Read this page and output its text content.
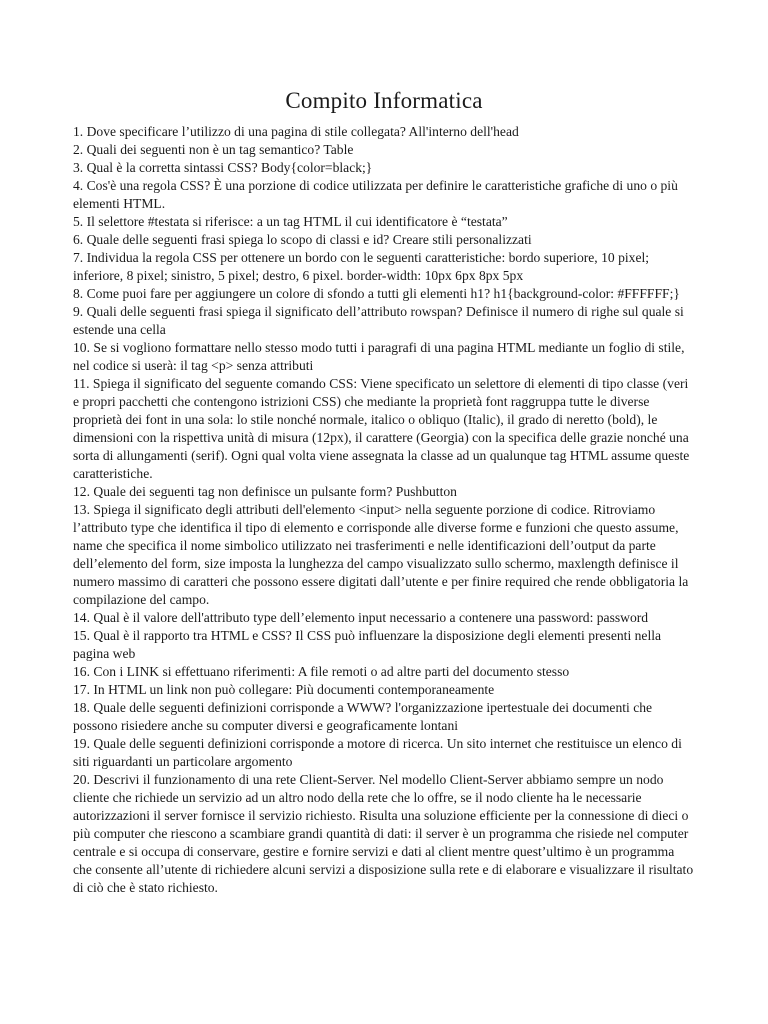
Compito Informatica
1. Dove specificare l’utilizzo di una pagina di stile collegata? All'interno dell'head
2. Quali dei seguenti non è un tag semantico? Table
3. Qual è la corretta sintassi CSS? Body{color=black;}
4. Cos'è una regola CSS? È una porzione di codice utilizzata per definire le caratteristiche grafiche di uno o più elementi HTML.
5. Il selettore #testata si riferisce: a un tag HTML il cui identificatore è “testata”
6. Quale delle seguenti frasi spiega lo scopo di classi e id? Creare stili personalizzati
7. Individua la regola CSS per ottenere un bordo con le seguenti caratteristiche: bordo superiore, 10 pixel; inferiore, 8 pixel; sinistro, 5 pixel; destro, 6 pixel. border-width: 10px 6px 8px 5px
8. Come puoi fare per aggiungere un colore di sfondo a tutti gli elementi h1? h1{background-color: #FFFFFF;}
9. Quali delle seguenti frasi spiega il significato dell’attributo rowspan? Definisce il numero di righe sul quale si estende una cella
10. Se si vogliono formattare nello stesso modo tutti i paragrafi di una pagina HTML mediante un foglio di stile, nel codice si userà: il tag <p> senza attributi
11. Spiega il significato del seguente comando CSS: Viene specificato un selettore di elementi di tipo classe (veri e propri pacchetti che contengono istrizioni CSS) che mediante la proprietà font raggruppa tutte le diverse proprietà dei font in una sola: lo stile nonché normale, italico o obliquo (Italic), il grado di neretto (bold), le dimensioni con la rispettiva unità di misura (12px), il carattere (Georgia) con la specifica delle grazie nonché una sorta di allungamenti (serif). Ogni qual volta viene assegnata la classe ad un qualunque tag HTML assume queste caratteristiche.
12. Quale dei seguenti tag non definisce un pulsante form? Pushbutton
13. Spiega il significato degli attributi dell'elemento <input> nella seguente porzione di codice. Ritroviamo l’attributo type che identifica il tipo di elemento e corrisponde alle diverse forme e funzioni che questo assume, name che specifica il nome simbolico utilizzato nei trasferimenti e nelle identificazioni dell’output da parte dell’elemento del form, size imposta la lunghezza del campo visualizzato sullo schermo, maxlength definisce il numero massimo di caratteri che possono essere digitati dall’utente e per finire required che rende obbligatoria la compilazione del campo.
14. Qual è il valore dell'attributo type dell’elemento input necessario a contenere una password: password
15. Qual è il rapporto tra HTML e CSS? Il CSS può influenzare la disposizione degli elementi presenti nella pagina web
16. Con i LINK si effettuano riferimenti: A file remoti o ad altre parti del documento stesso
17. In HTML un link non può collegare: Più documenti contemporaneamente
18. Quale delle seguenti definizioni corrisponde a WWW? l'organizzazione ipertestuale dei documenti che possono risiedere anche su computer diversi e geograficamente lontani
19. Quale delle seguenti definizioni corrisponde a motore di ricerca. Un sito internet che restituisce un elenco di siti riguardanti un particolare argomento
20. Descrivi il funzionamento di una rete Client-Server. Nel modello Client-Server abbiamo sempre un nodo cliente che richiede un servizio ad un altro nodo della rete che lo offre, se il nodo cliente ha le necessarie autorizzazioni il server fornisce il servizio richiesto. Risulta una soluzione efficiente per la connessione di dieci o più computer che riescono a scambiare grandi quantità di dati: il server è un programma che risiede nel computer centrale e si occupa di conservare, gestire e fornire servizi e dati al client mentre quest’ultimo è un programma che consente all’utente di richiedere alcuni servizi a disposizione sulla rete e di elaborare e visualizzare il risultato di ciò che è stato richiesto.
